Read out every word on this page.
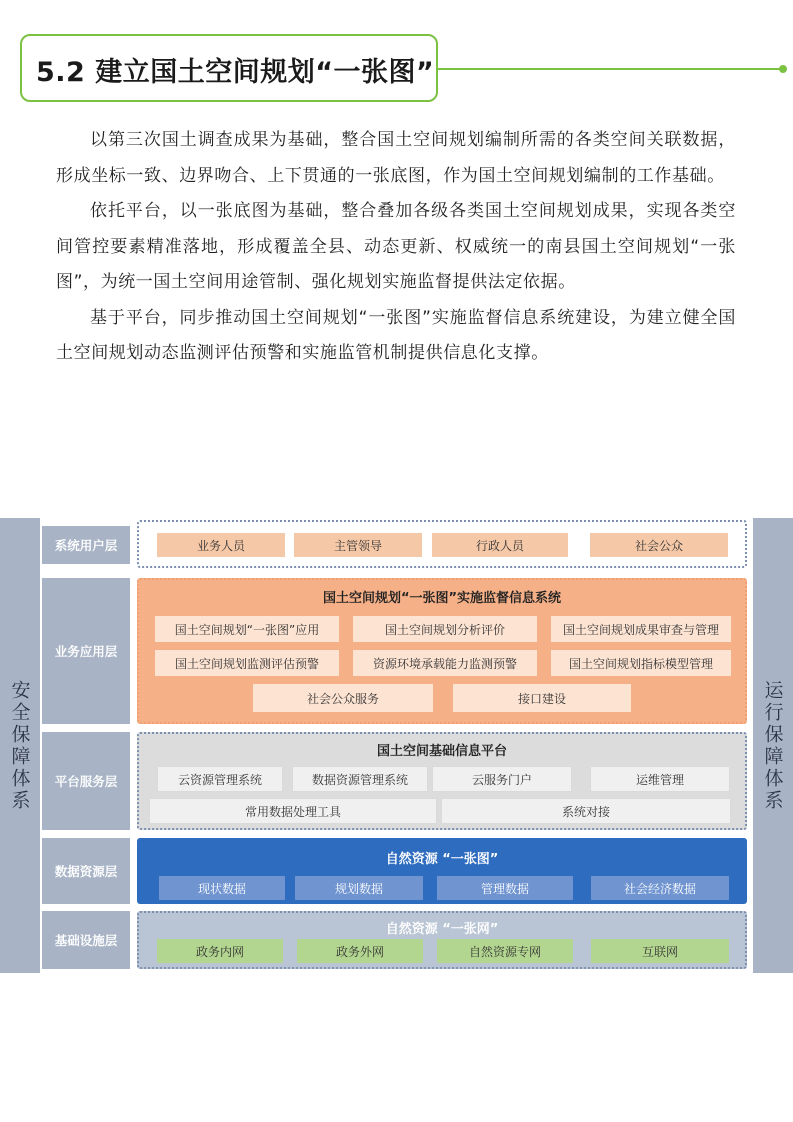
5.2 建立国土空间规划“一张图”

以第三次国土调查成果为基础，整合国土空间规划编制所需的各类空间关联数据，形成坐标一致、边界吻合、上下贯通的一张底图，作为国土空间规划编制的工作基础。

依托平台，以一张底图为基础，整合叠加各级各类国土空间规划成果，实现各类空间管控要素精准落地，形成覆盖全县、动态更新、权威统一的南县国土空间规划“一张图”，为统一国土空间用途管制、强化规划实施监督提供法定依据。

基于平台，同步推动国土空间规划“一张图”实施监督信息系统建设，为建立健全国土空间规划动态监测评估预警和实施监管机制提供信息化支撑。

安全保障体系	运行保障体系
系统用户层
业务应用层
平台服务层
数据资源层
基础设施层
业务人员	主管领导	行政人员	社会公众
国土空间规划“一张图”实施监督信息系统
国土空间规划“一张图”应用	国土空间规划分析评价	国土空间规划成果审查与管理
国土空间规划监测评估预警	资源环境承载能力监测预警	国土空间规划指标模型管理
社会公众服务	接口建设
国土空间基础信息平台
云资源管理系统	数据资源管理系统	云服务门户	运维管理
常用数据处理工具	系统对接
自然资源 “一张图”
现状数据	规划数据	管理数据	社会经济数据
自然资源 “一张网”
政务内网	政务外网	自然资源专网	互联网
